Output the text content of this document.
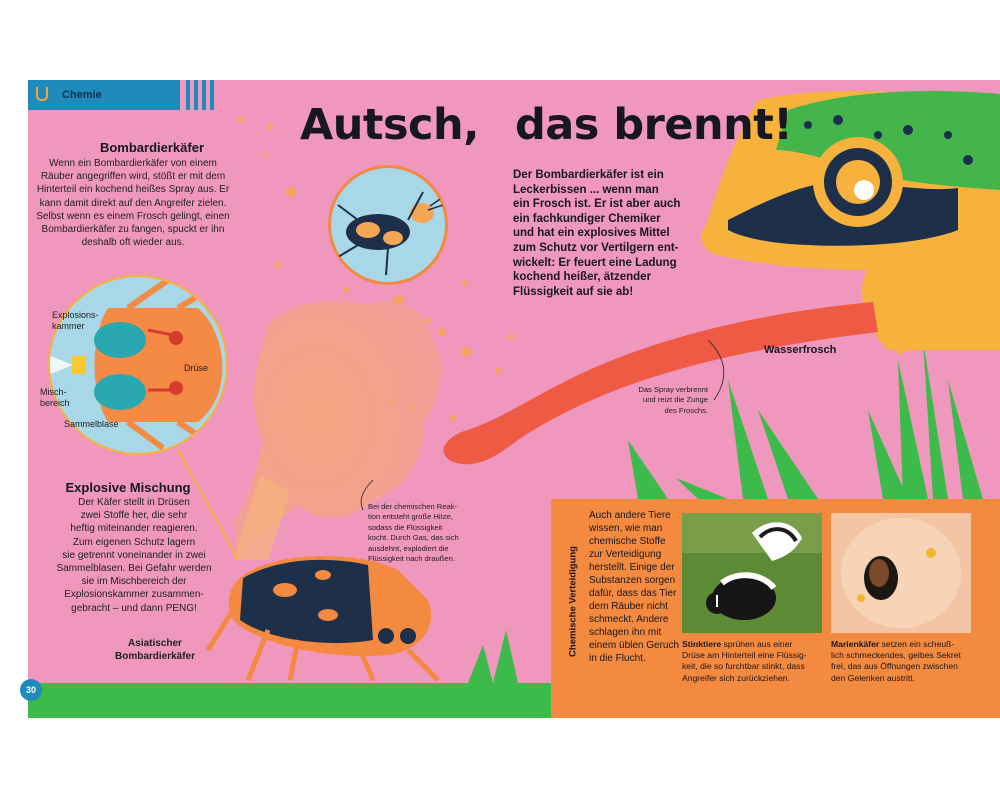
Chemie
Autsch, das brennt!
Bombardierkäfer
Wenn ein Bombardierkäfer von einem
Räuber angegriffen wird, stößt er mit dem
Hinterteil ein kochend heißes Spray aus. Er
kann damit direkt auf den Angreifer zielen.
Selbst wenn es einem Frosch gelingt, einen
Bombardierkäfer zu fangen, spuckt er ihn
deshalb oft wieder aus.
Explosions-
kammer
Drüse
Misch-
bereich
Sammelblase
Explosive Mischung
Der Käfer stellt in Drüsen
zwei Stoffe her, die sehr
heftig miteinander reagieren.
Zum eigenen Schutz lagern
sie getrennt voneinander in zwei
Sammelblasen. Bei Gefahr werden
sie im Mischbereich der
Explosionskammer zusammen-
gebracht – und dann PENG!
Asiatischer
Bombardierkäfer
Bei der chemischen Reak-
tion entsteht große Hitze,
sodass die Flüssigkeit
kocht. Durch Gas, das sich
ausdehnt, explodiert die
Flüssigkeit nach draußen.
Der Bombardierkäfer ist ein
Leckerbissen ... wenn man
ein Frosch ist. Er ist aber auch
ein fachkundiger Chemiker
und hat ein explosives Mittel
zum Schutz vor Vertilgern ent-
wickelt: Er feuert eine Ladung
kochend heißer, ätzender
Flüssigkeit auf sie ab!
Wasserfrosch
Das Spray verbrennt
und reizt die Zunge
des Froschs.
30
Chemische Verteidigung
Auch andere Tiere
wissen, wie man
chemische Stoffe
zur Verteidigung
herstellt. Einige der
Substanzen sorgen
dafür, dass das Tier
dem Räuber nicht
schmeckt. Andere
schlagen ihn mit
einem üblen Geruch
in die Flucht.
Stinktiere sprühen aus einer
Drüse am Hinterteil eine Flüssig-
keit, die so furchtbar stinkt, dass
Angreifer sich zurückziehen.
Marienkäfer setzen ein scheuß-
lich schmeckendes, gelbes Sekret
frei, das aus Öffnungen zwischen
den Gelenken austritt.
